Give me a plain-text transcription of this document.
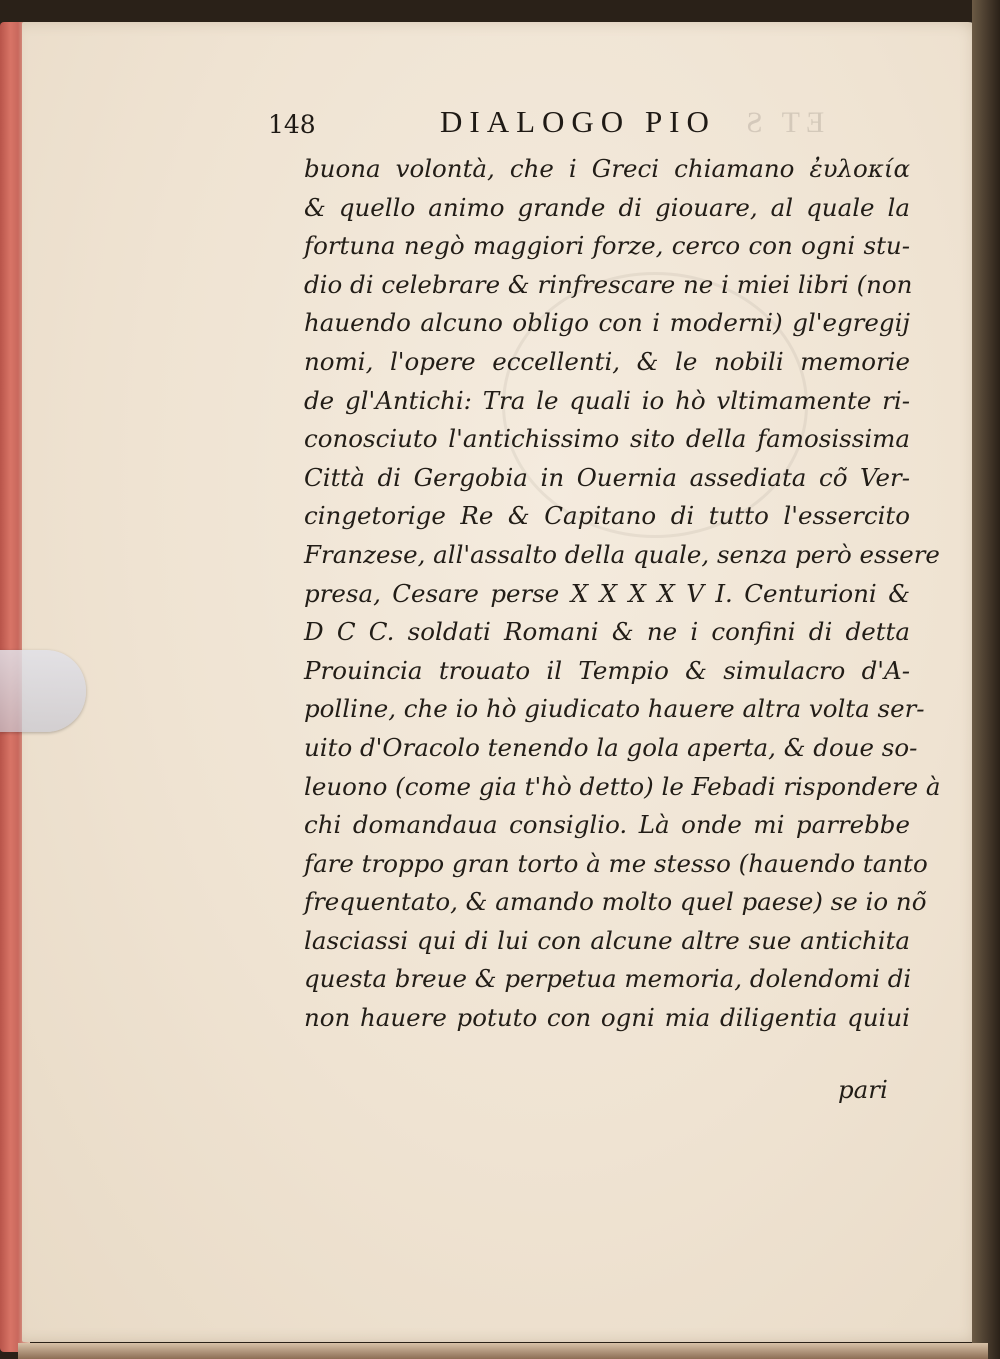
ET S
148	DIALOGO PIO
buona volontà, che i Greci chiamano ἐυλοκία
& quello animo grande di giouare, al quale la
fortuna negò maggiori forze, cerco con ogni stu-
dio di celebrare & rinfrescare ne i miei libri (non
hauendo alcuno obligo con i moderni) gl'egregij
nomi, l'opere eccellenti, & le nobili memorie
de gl'Antichi: Tra le quali io hò vltimamente ri-
conosciuto l'antichissimo sito della famosissima
Città di Gergobia in Ouernia assediata cõ Ver-
cingetorige Re & Capitano di tutto l'essercito
Franzese, all'assalto della quale, senza però essere
presa, Cesare perse X X X X V I. Centurioni &
D C C. soldati Romani & ne i confini di detta
Prouincia trouato il Tempio & simulacro d'A-
polline, che io hò giudicato hauere altra volta ser-
uito d'Oracolo tenendo la gola aperta, & doue so-
leuono (come gia t'hò detto) le Febadi rispondere à
chi domandaua consiglio. Là onde mi parrebbe
fare troppo gran torto à me stesso (hauendo tanto
frequentato, & amando molto quel paese) se io nõ
lasciassi qui di lui con alcune altre sue antichita
questa breue & perpetua memoria, dolendomi di
non hauere potuto con ogni mia diligentia quiui
pari
